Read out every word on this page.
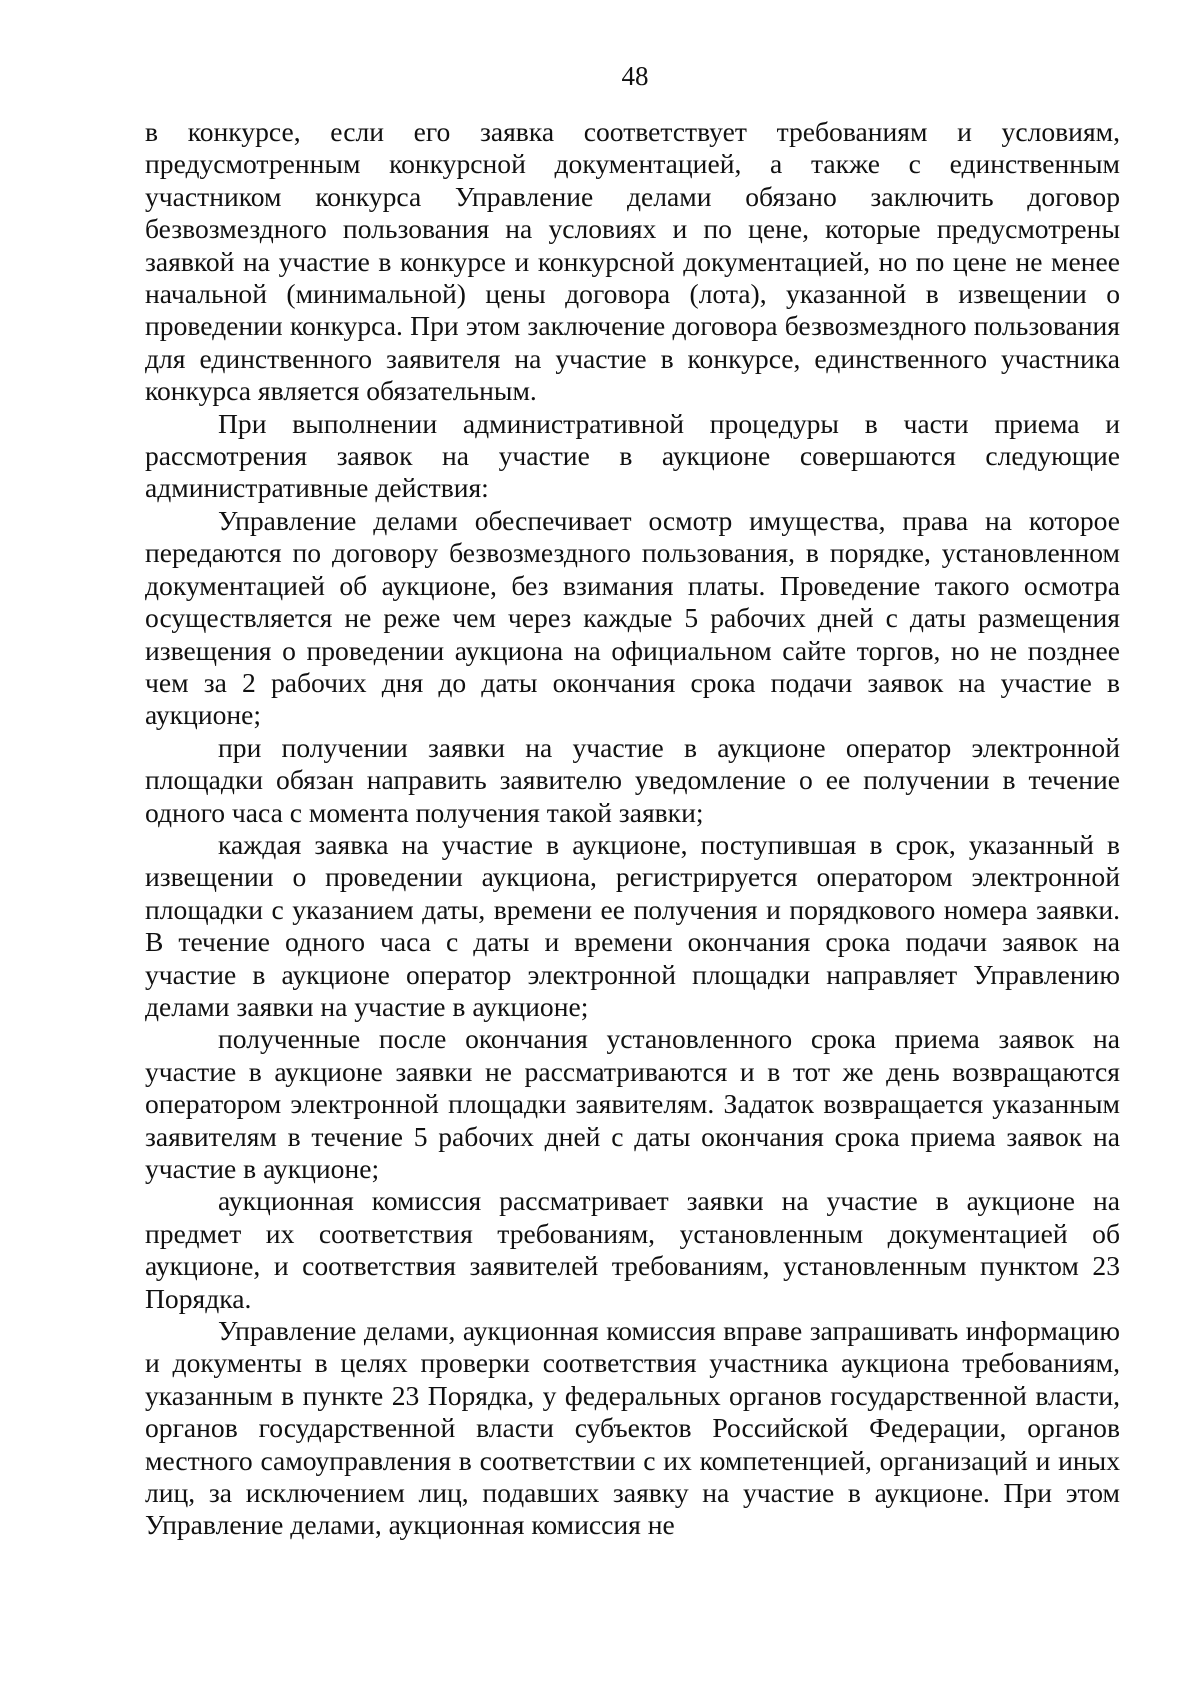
48

в конкурсе, если его заявка соответствует требованиям и условиям, предусмотренным конкурсной документацией, а также с единственным участником конкурса Управление делами обязано заключить договор безвозмездного пользования на условиях и по цене, которые предусмотрены заявкой на участие в конкурсе и конкурсной документацией, но по цене не менее начальной (минимальной) цены договора (лота), указанной в извещении о проведении конкурса. При этом заключение договора безвозмездного пользования для единственного заявителя на участие в конкурсе, единственного участника конкурса является обязательным.

При выполнении административной процедуры в части приема и рассмотрения заявок на участие в аукционе совершаются следующие административные действия:

Управление делами обеспечивает осмотр имущества, права на которое передаются по договору безвозмездного пользования, в порядке, установленном документацией об аукционе, без взимания платы. Проведение такого осмотра осуществляется не реже чем через каждые 5 рабочих дней с даты размещения извещения о проведении аукциона на официальном сайте торгов, но не позднее чем за 2 рабочих дня до даты окончания срока подачи заявок на участие в аукционе;

при получении заявки на участие в аукционе оператор электронной площадки обязан направить заявителю уведомление о ее получении в течение одного часа с момента получения такой заявки;

каждая заявка на участие в аукционе, поступившая в срок, указанный в извещении о проведении аукциона, регистрируется оператором электронной площадки с указанием даты, времени ее получения и порядкового номера заявки. В течение одного часа с даты и времени окончания срока подачи заявок на участие в аукционе оператор электронной площадки направляет Управлению делами заявки на участие в аукционе;

полученные после окончания установленного срока приема заявок на участие в аукционе заявки не рассматриваются и в тот же день возвращаются оператором электронной площадки заявителям. Задаток возвращается указанным заявителям в течение 5 рабочих дней с даты окончания срока приема заявок на участие в аукционе;

аукционная комиссия рассматривает заявки на участие в аукционе на предмет их соответствия требованиям, установленным документацией об аукционе, и соответствия заявителей требованиям, установленным пунктом 23 Порядка.

Управление делами, аукционная комиссия вправе запрашивать информацию и документы в целях проверки соответствия участника аукциона требованиям, указанным в пункте 23 Порядка, у федеральных органов государственной власти, органов государственной власти субъектов Российской Федерации, органов местного самоуправления в соответствии с их компетенцией, организаций и иных лиц, за исключением лиц, подавших заявку на участие в аукционе. При этом Управление делами, аукционная комиссия не
